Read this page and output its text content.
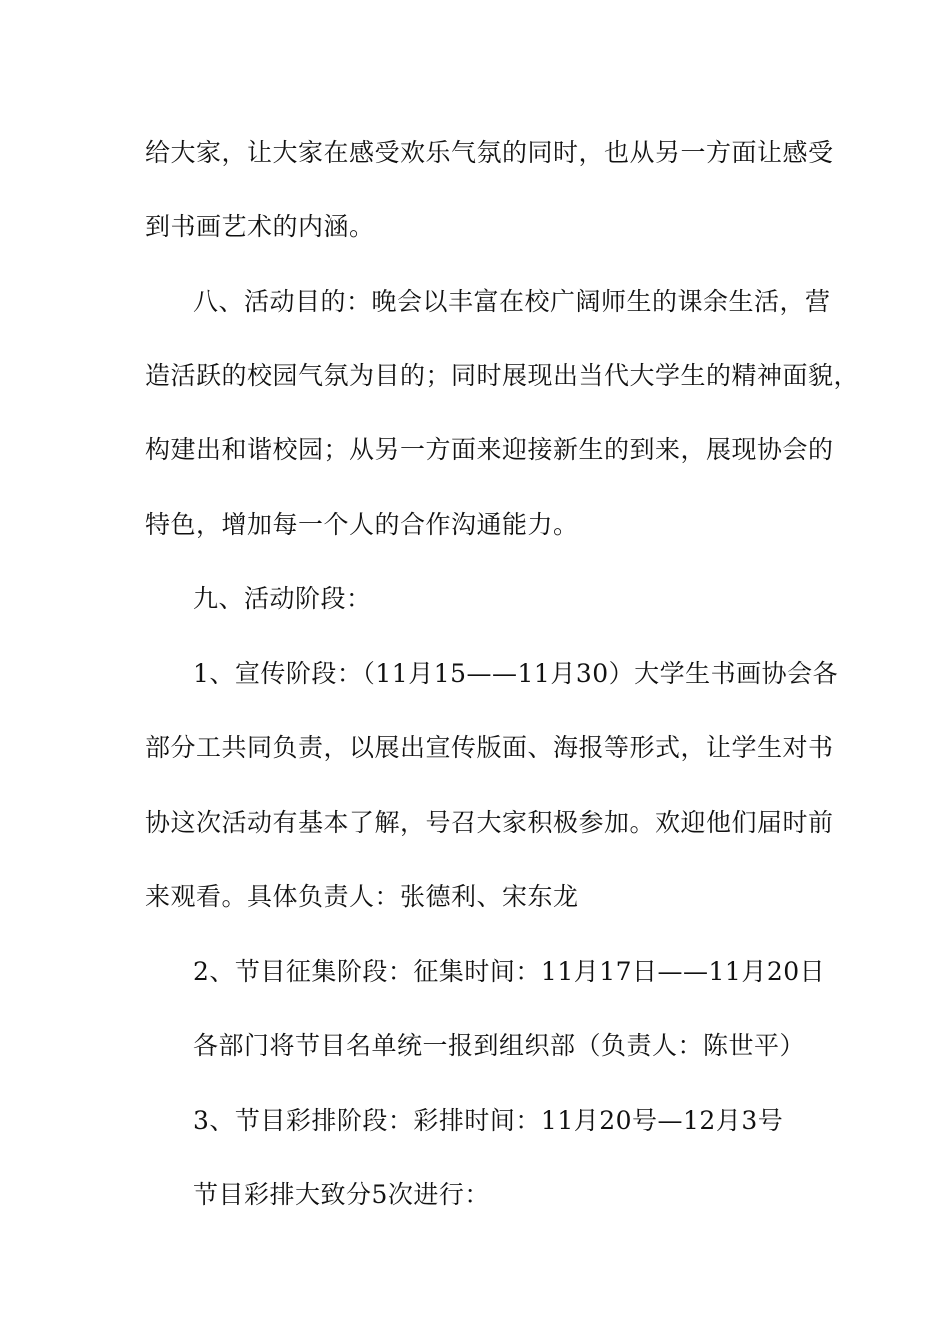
给大家，让大家在感受欢乐气氛的同时，也从另一方面让感受
到书画艺术的内涵。
八、活动目的：晚会以丰富在校广阔师生的课余生活，营
造活跃的校园气氛为目的；同时展现出当代大学生的精神面貌，
构建出和谐校园；从另一方面来迎接新生的到来，展现协会的
特色，增加每一个人的合作沟通能力。
九、活动阶段：
1、宣传阶段：（11月15——11月30）大学生书画协会各
部分工共同负责，以展出宣传版面、海报等形式，让学生对书
协这次活动有基本了解，号召大家积极参加。欢迎他们届时前
来观看。具体负责人：张德利、宋东龙
2、节目征集阶段：征集时间：11月17日——11月20日
各部门将节目名单统一报到组织部（负责人：陈世平）
3、节目彩排阶段：彩排时间：11月20号—12月3号
节目彩排大致分5次进行：
